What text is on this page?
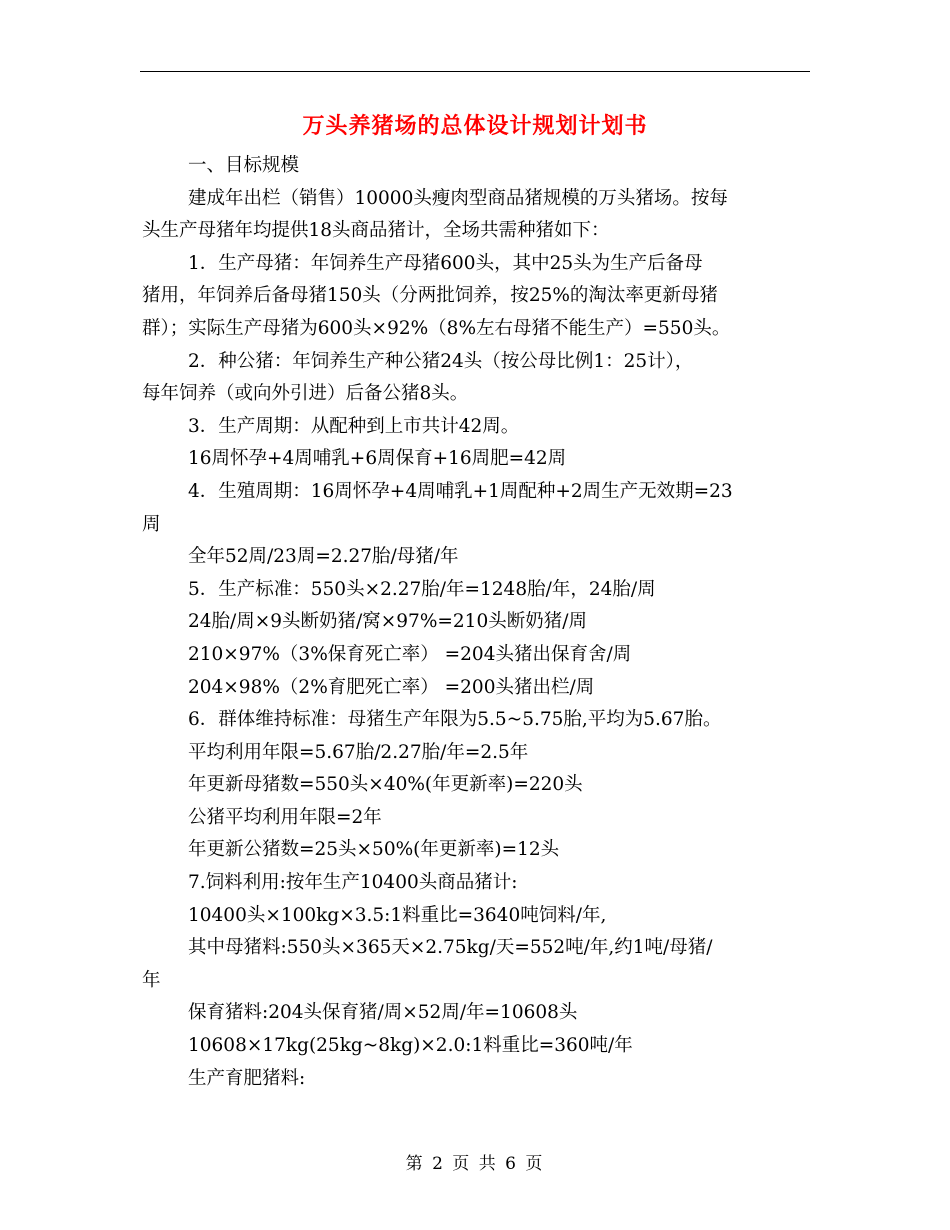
万头养猪场的总体设计规划计划书
一、目标规模
建成年出栏（销售）10000头瘦肉型商品猪规模的万头猪场。按每
头生产母猪年均提供18头商品猪计，全场共需种猪如下：
1．生产母猪：年饲养生产母猪600头，其中25头为生产后备母
猪用，年饲养后备母猪150头（分两批饲养，按25%的淘汰率更新母猪
群）；实际生产母猪为600头×92%（8%左右母猪不能生产）=550头。
2．种公猪：年饲养生产种公猪24头（按公母比例1：25计），
每年饲养（或向外引进）后备公猪8头。
3．生产周期：从配种到上市共计42周。
16周怀孕+4周哺乳+6周保育+16周肥=42周
4．生殖周期：16周怀孕+4周哺乳+1周配种+2周生产无效期=23
周
全年52周/23周=2.27胎/母猪/年
5．生产标准：550头×2.27胎/年=1248胎/年，24胎/周
24胎/周×9头断奶猪/窝×97%=210头断奶猪/周
210×97%（3%保育死亡率） =204头猪出保育舍/周
204×98%（2%育肥死亡率） =200头猪出栏/周
6．群体维持标准：母猪生产年限为5.5~5.75胎,平均为5.67胎。
平均利用年限=5.67胎/2.27胎/年=2.5年
年更新母猪数=550头×40%(年更新率)=220头
公猪平均利用年限=2年
年更新公猪数=25头×50%(年更新率)=12头
7.饲料利用:按年生产10400头商品猪计:
10400头×100kg×3.5:1料重比=3640吨饲料/年,
其中母猪料:550头×365天×2.75kg/天=552吨/年,约1吨/母猪/
年
保育猪料:204头保育猪/周×52周/年=10608头
10608×17kg(25kg~8kg)×2.0:1料重比=360吨/年
生产育肥猪料:
第 2 页 共 6 页
